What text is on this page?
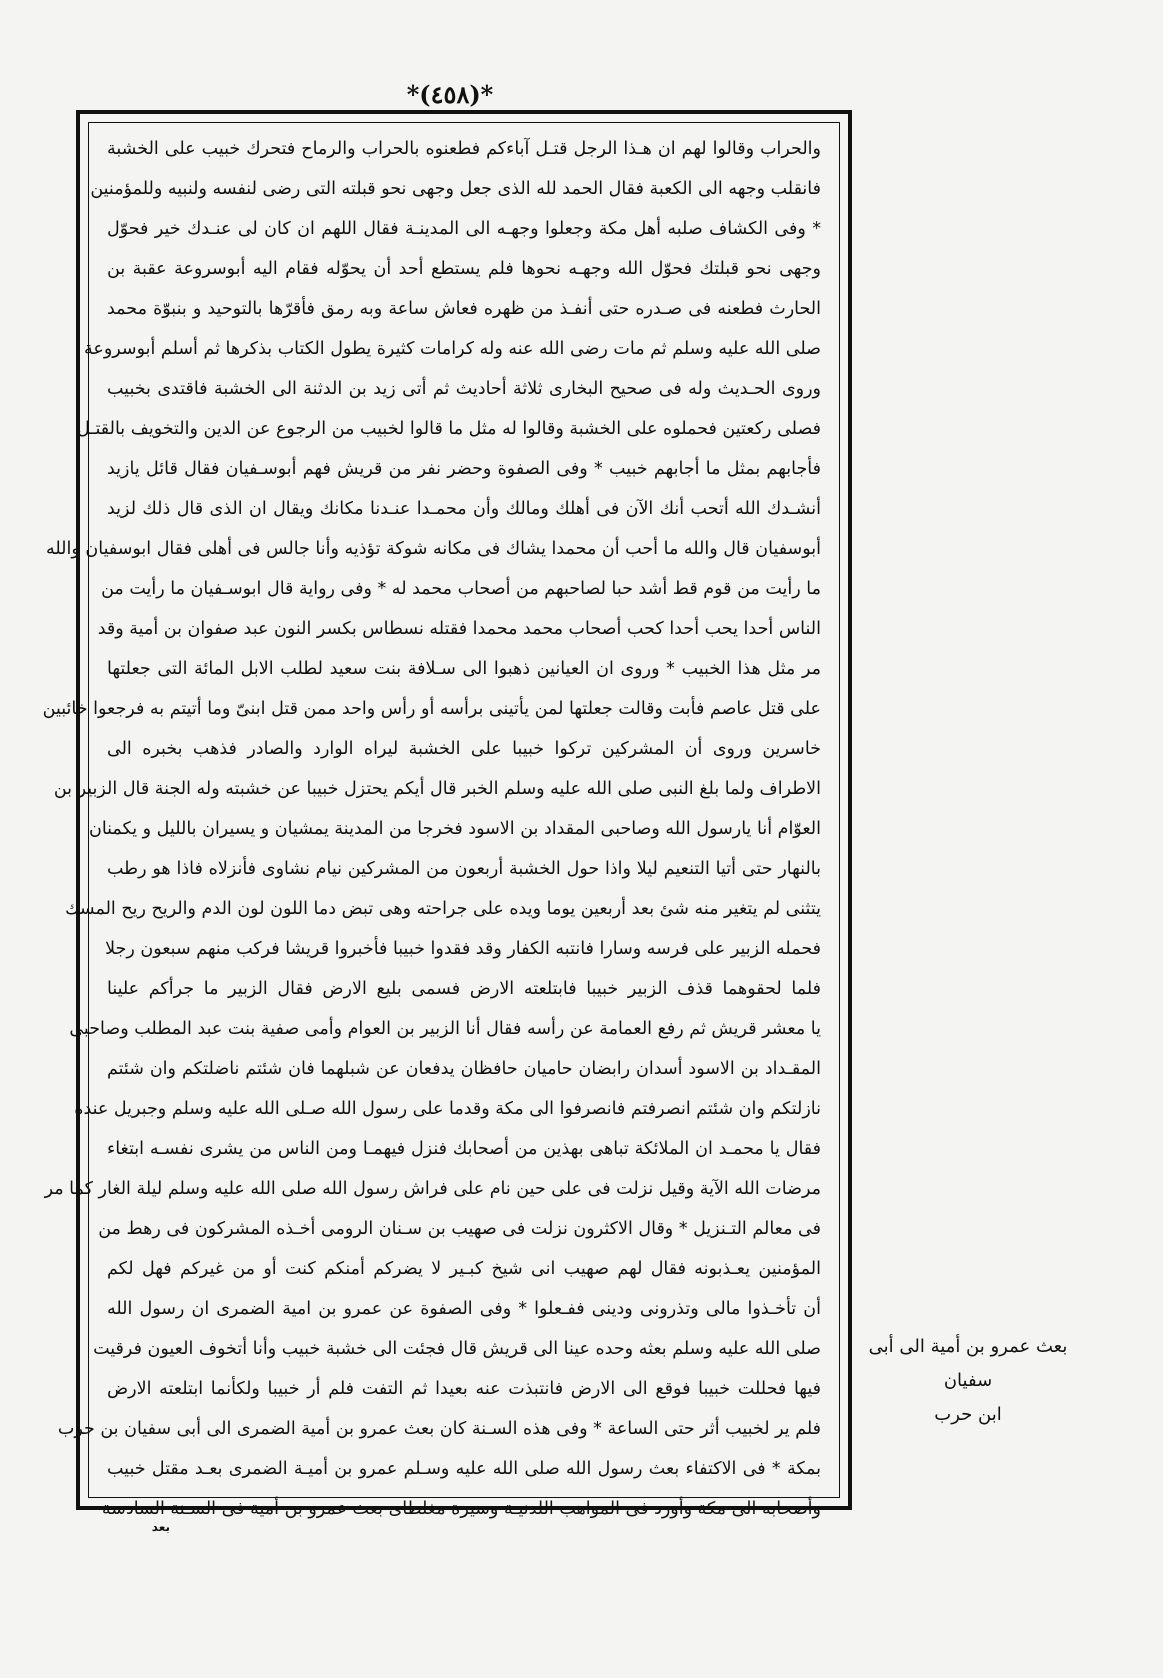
*(٤٥٨)*
والحراب وقالوا لهم ان هـذا الرجل قتـل آباءكم فطعنوه بالحراب والرماح فتحرك خبيب على الخشبة
فانقلب وجهه الى الكعبة فقال الحمد لله الذى جعل وجهى نحو قبلته التى رضى لنفسه ولنبيه وللمؤمنين
* وفى الكشاف صلبه أهل مكة وجعلوا وجهـه الى المدينـة فقال اللهم ان كان لى عنـدك خير فحوّل
وجهى نحو قبلتك فحوّل الله وجهـه نحوها فلم يستطع أحد أن يحوّله فقام اليه أبوسروعة عقبة بن
الحارث فطعنه فى صـدره حتى أنفـذ من ظهره فعاش ساعة وبه رمق فأقرّها بالتوحيد و بنبوّة محمد
صلى الله عليه وسلم ثم مات رضى الله عنه وله كرامات كثيرة يطول الكتاب بذكرها ثم أسلم أبوسروعة
وروى الحـديث وله فى صحيح البخارى ثلاثة أحاديث ثم أتى زيد بن الدثنة الى الخشبة فاقتدى بخبيب
فصلى ركعتين فحملوه على الخشبة وقالوا له مثل ما قالوا لخبيب من الرجوع عن الدين والتخويف بالقتـل
فأجابهم بمثل ما أجابهم خبيب * وفى الصفوة وحضر نفر من قريش فهم أبوسـفيان فقال قائل يازيد
أنشـدك الله أتحب أنك الآن فى أهلك ومالك وأن محمـدا عنـدنا مكانك ويقال ان الذى قال ذلك لزيد
أبوسفيان قال والله ما أحب أن محمدا يشاك فى مكانه شوكة تؤذيه وأنا جالس فى أهلى فقال ابوسفيان والله
ما رأيت من قوم قط أشد حبا لصاحبهم من أصحاب محمد له * وفى رواية قال ابوسـفيان ما رأيت من
الناس أحدا يحب أحدا كحب أصحاب محمد محمدا فقتله نسطاس بكسر النون عبد صفوان بن أمية وقد
مر مثل هذا الخبيب * وروى ان العيانين ذهبوا الى سـلافة بنت سعيد لطلب الابل المائة التى جعلتها
على قتل عاصم فأبت وقالت جعلتها لمن يأتينى برأسه أو رأس واحد ممن قتل ابنىّ وما أتيتم به فرجعوا خائبين
خاسرين وروى أن المشركين تركوا خبيبا على الخشبة ليراه الوارد والصادر فذهب بخبره الى
الاطراف ولما بلغ النبى صلى الله عليه وسلم الخبر قال أيكم يحتزل خبيبا عن خشبته وله الجنة قال الزبير بن
العوّام أنا يارسول الله وصاحبى المقداد بن الاسود فخرجا من المدينة يمشيان و يسيران بالليل و يكمنان
بالنهار حتى أتيا التنعيم ليلا واذا حول الخشبة أربعون من المشركين نيام نشاوى فأنزلاه فاذا هو رطب
يتثنى لم يتغير منه شئ بعد أربعين يوما ويده على جراحته وهى تبض دما اللون لون الدم والريح ريح المسك
فحمله الزبير على فرسه وسارا فانتبه الكفار وقد فقدوا خبيبا فأخبروا قريشا فركب منهم سبعون رجلا
فلما لحقوهما قذف الزبير خبيبا فابتلعته الارض فسمى بليع الارض فقال الزبير ما جرأكم علينا
يا معشر قريش ثم رفع العمامة عن رأسه فقال أنا الزبير بن العوام وأمى صفية بنت عبد المطلب وصاحبى
المقـداد بن الاسود أسدان رابضان حاميان حافظان يدفعان عن شبلهما فان شئتم ناضلتكم وان شئتم
نازلتكم وان شئتم انصرفتم فانصرفوا الى مكة وقدما على رسول الله صـلى الله عليه وسلم وجبريل عنده
فقال يا محمـد ان الملائكة تباهى بهذين من أصحابك فنزل فيهمـا ومن الناس من يشرى نفسـه ابتغاء
مرضات الله الآية وقيل نزلت فى على حين نام على فراش رسول الله صلى الله عليه وسلم ليلة الغار كما مر
فى معالم التـنزيل * وقال الاكثرون نزلت فى صهيب بن سـنان الرومى أخـذه المشركون فى رهط من
المؤمنين يعـذبونه فقال لهم صهيب انى شيخ كبـير لا يضركم أمنكم كنت أو من غيركم فهل لكم
أن تأخـذوا مالى وتذرونى ودينى ففـعلوا * وفى الصفوة عن عمرو بن امية الضمرى ان رسول الله
صلى الله عليه وسلم بعثه وحده عينا الى قريش قال فجئت الى خشبة خبيب وأنا أتخوف العيون فرقيت
فيها فحللت خبيبا فوقع الى الارض فانتبذت عنه بعيدا ثم التفت فلم أر خبيبا ولكأنما ابتلعته الارض
فلم ير لخبيب أثر حتى الساعة * وفى هذه السـنة كان بعث عمرو بن أمية الضمرى الى أبى سفيان بن حرب
بمكة * فى الاكتفاء بعث رسول الله صلى الله عليه وسـلم عمرو بن أميـة الضمرى بعـد مقتل خبيب
وأصحابه الى مكة وأورد فى المواهب اللدنيـة وسيرة مغلطاى بعث عمرو بن أمية فى السـنة السادسة
بعث عمرو بن أمية الى أبى سفيان
ابن حرب
بعد
